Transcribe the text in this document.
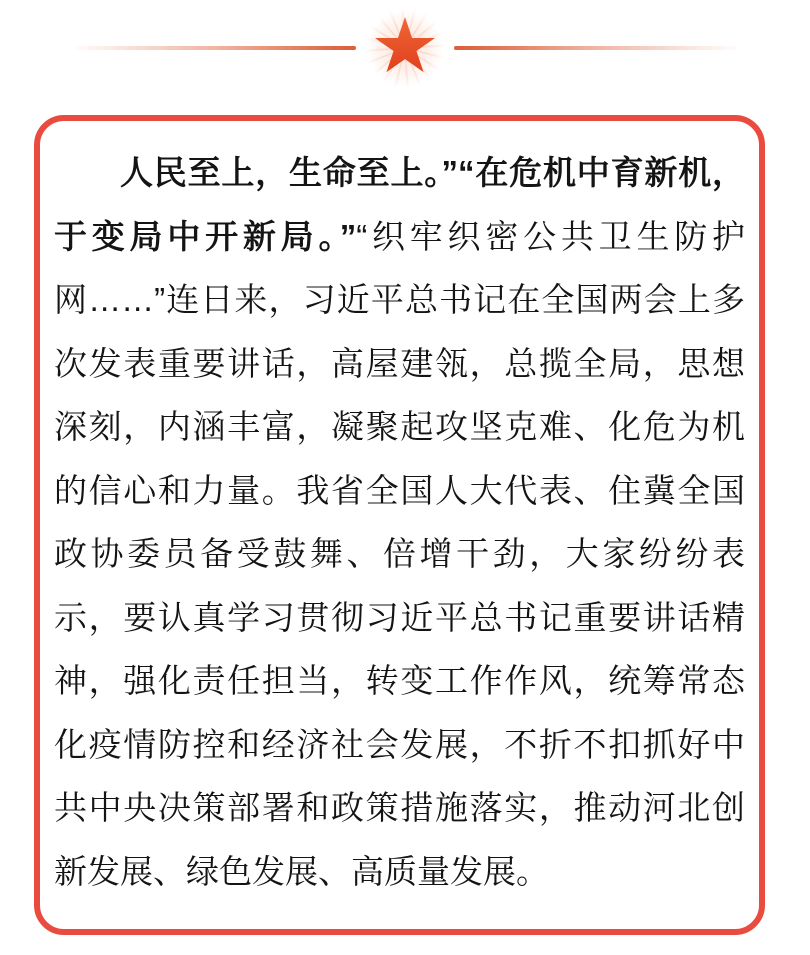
人民至上，生命至上。”“在危机中育新机，于变局中开新局。”“织牢织密公共卫生防护网……”连日来，习近平总书记在全国两会上多次发表重要讲话，高屋建瓴，总揽全局，思想深刻，内涵丰富，凝聚起攻坚克难、化危为机的信心和力量。我省全国人大代表、住冀全国政协委员备受鼓舞、倍增干劲，大家纷纷表示，要认真学习贯彻习近平总书记重要讲话精神，强化责任担当，转变工作作风，统筹常态化疫情防控和经济社会发展，不折不扣抓好中共中央决策部署和政策措施落实，推动河北创新发展、绿色发展、高质量发展。
